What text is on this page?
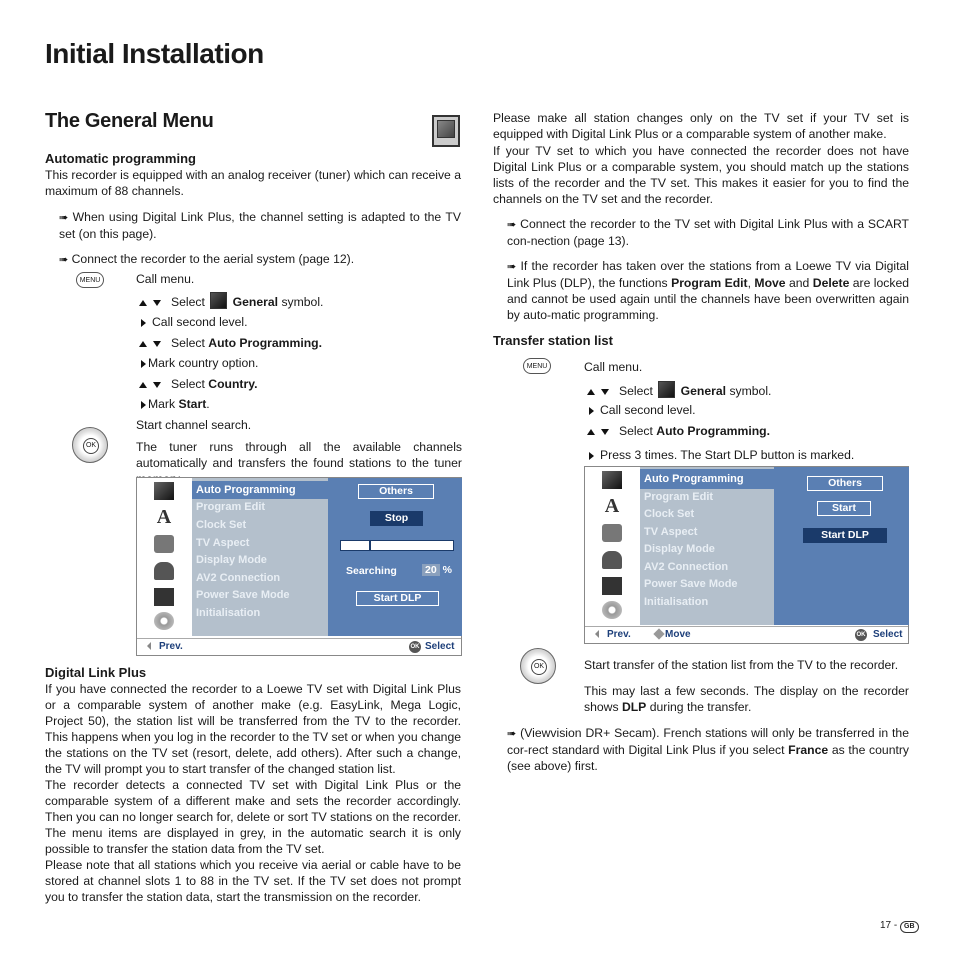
Initial Installation
The General Menu
Automatic programming

This recorder is equipped with an analog receiver (tuner) which can receive a maximum of 88 channels.

➠ When using Digital Link Plus, the channel setting is adapted to the TV set (on this page).
➠ Connect the recorder to the aerial system (page 12).
MENU	Call menu.
Select General symbol.
Call second level.
Select Auto Programming.
Mark country option.
Select Country.
Mark Start.
Start channel search.
OK	The tuner runs through all the available channels automatically and transfers the found stations to the tuner

A
Auto Programming
Program Edit
Clock Set
TV Aspect
Display Mode
AV2 Connection
Power Save Mode
Initialisation
Others
Stop
Searching	20 %
Start DLP
Prev.	OK Select
Digital Link Plus

If you have connected the recorder to a Loewe TV set with Digital Link Plus or a comparable system of another make (e.g. EasyLink, Mega Logic, Project 50), the station list will be transferred from the TV to the recorder. This happens when you log in the recorder to the TV set or when you change the stations on the TV set (resort, delete, add others). After such a change, the TV will prompt you to start transfer of the changed station list.

The recorder detects a connected TV set with Digital Link Plus or the comparable system of a different make and sets the recorder accordingly. Then you can no longer search for, delete or sort TV stations on the recorder. The menu items are displayed in grey, in the automatic search it is only possible to transfer the station data from the TV set.

Please note that all stations which you receive via aerial or cable have to be stored at channel slots 1 to 88 in the TV set. If the TV set does not prompt you to transfer the station data, start the transmission on the recorder.

Please make all station changes only on the TV set if your TV set is equipped with Digital Link Plus or a comparable system of another make.

If your TV set to which you have connected the recorder does not have Digital Link Plus or a comparable system, you should match up the stations lists of the recorder and the TV set. This makes it easier for you to find the channels on the TV set and the recorder.

➠ Connect the recorder to the TV set with Digital Link Plus with a SCART con-nection (page 13).
➠ If the recorder has taken over the stations from a Loewe TV via Digital Link Plus (DLP), the functions Program Edit, Move and Delete are locked and cannot be used again until the channels have been overwritten again by auto-matic programming.
Transfer station list
MENU	Call menu.
Select General symbol.
Call second level.
Select Auto Programming.
Press 3 times. The Start DLP button is marked.
A
Auto Programming
Program Edit
Clock Set
TV Aspect
Display Mode
AV2 Connection
Power Save Mode
Initialisation
Others
Start
Start DLP
Prev.	Move	OK Select
OK	Start transfer of the station list from the TV to the recorder.

This may last a few seconds. The display on the recorder shows DLP during the transfer.

➠ (Viewvision DR+ Secam). French stations will only be transferred in the cor-rect standard with Digital Link Plus if you select France as the country (see above) first.
17 - GB
